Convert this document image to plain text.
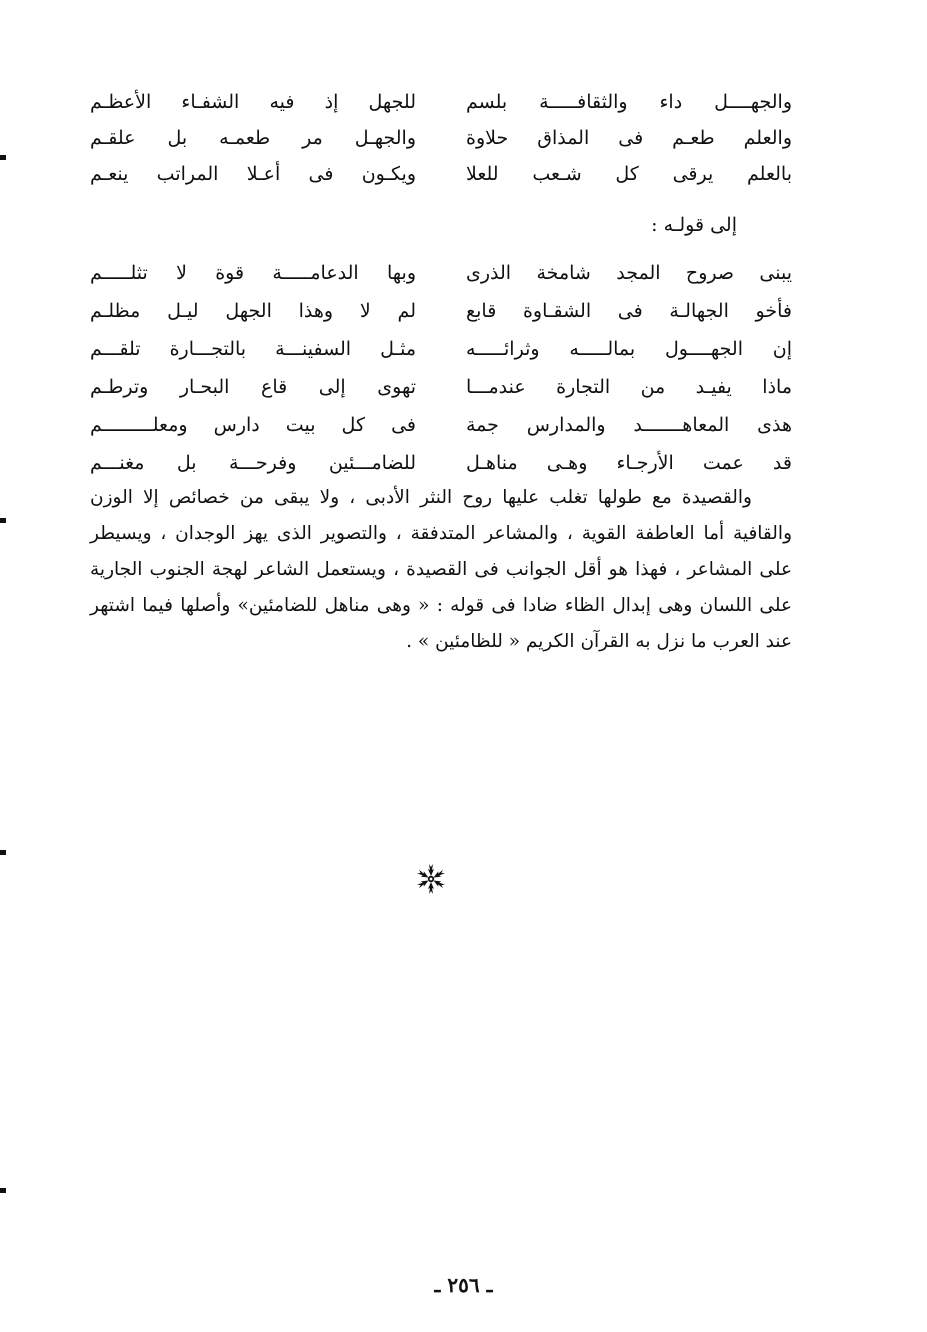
والجهــــل داء والثقافـــــة بلسم
للجهل إذ فيه الشفـاء الأعظـم
والعلم طعـم فى المذاق حلاوة
والجهـل مر طعمـه بل علقـم
بالعلم يرقى كل شـعب للعلا
ويكـون فى أعـلا المراتب ينعـم
إلى قولـه :
يبنى صروح المجد شامخة الذرى
وبها الدعامـــــة قوة لا تثلـــــم
فأخو الجهالـة فى الشقـاوة قابع
لم لا وهذا الجهل ليـل مظلـم
إن الجهــــول بمالـــــه وثرائـــــه
مثـل السفينـــة بالتجـــارة تلقـــم
ماذا يفيـد من التجارة عندمـــا
تهوى إلى قاع البحـار وترطـم
هذى المعاهـــــــد والمدارس جمة
فى كل بيت دارس ومعلـــــــــم
قد عمت الأرجـاء وهـى مناهـل
للضامـــئين وفرحـــة بل مغنـــم

والقصيدة مع طولها تغلب عليها روح النثر الأدبى ، ولا يبقى من خصائص إلا الوزن والقافية أما العاطفة القوية ، والمشاعر المتدفقة ، والتصوير الذى يهز الوجدان ، ويسيطر على المشاعر ، فهذا هو أقل الجوانب فى القصيدة ، ويستعمل الشاعر لهجة الجنوب الجارية على اللسان وهى إبدال الظاء ضادا فى قوله : « وهى مناهل للضامئين» وأصلها فيما اشتهر عند العرب ما نزل به القرآن الكريم « للظامئين » .

ـ ٢٥٦ ـ
